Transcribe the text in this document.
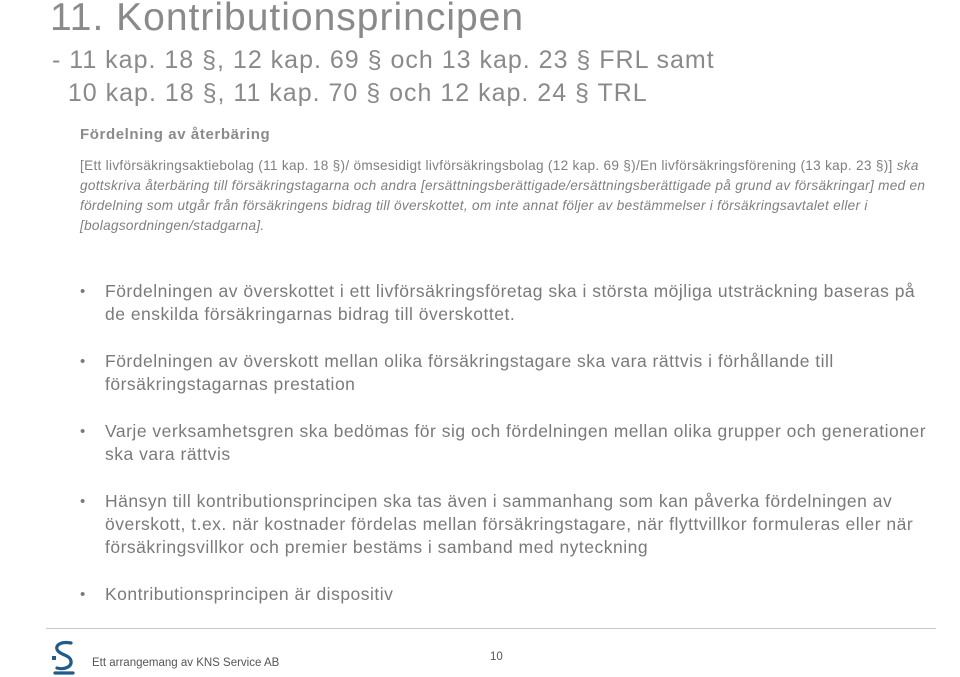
11. Kontributionsprincipen
- 11 kap. 18 §, 12 kap. 69 § och 13 kap. 23 § FRL samt
10 kap. 18 §, 11 kap. 70 § och 12 kap. 24 § TRL
Fördelning av återbäring
[Ett livförsäkringsaktiebolag (11 kap. 18 §)/ ömsesidigt livförsäkringsbolag (12 kap. 69 §)/En livförsäkringsförening (13 kap. 23 §)] ska gottskriva återbäring till försäkringstagarna och andra [ersättningsberättigade/ersättningsberättigade på grund av försäkringar] med en fördelning som utgår från försäkringens bidrag till överskottet, om inte annat följer av bestämmelser i försäkringsavtalet eller i [bolagsordningen/stadgarna].
• Fördelningen av överskottet i ett livförsäkringsföretag ska i största möjliga utsträckning baseras på de enskilda försäkringarnas bidrag till överskottet.
• Fördelningen av överskott mellan olika försäkringstagare ska vara rättvis i förhållande till försäkringstagarnas prestation
• Varje verksamhetsgren ska bedömas för sig och fördelningen mellan olika grupper och generationer ska vara rättvis
• Hänsyn till kontributionsprincipen ska tas även i sammanhang som kan påverka fördelningen av överskott, t.ex. när kostnader fördelas mellan försäkringstagare, när flyttvillkor formuleras eller när försäkringsvillkor och premier bestäms i samband med nyteckning
• Kontributionsprincipen är dispositiv
Ett arrangemang av KNS Service AB	10
